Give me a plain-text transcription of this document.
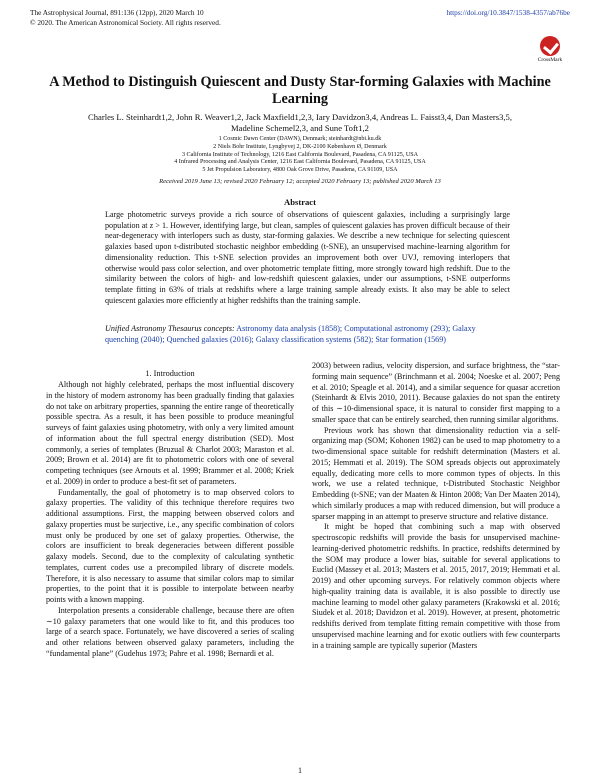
The Astrophysical Journal, 891:136 (12pp), 2020 March 10
© 2020. The American Astronomical Society. All rights reserved.
https://doi.org/10.3847/1538-4357/ab76be
CrossMark
A Method to Distinguish Quiescent and Dusty Star-forming Galaxies with Machine Learning
Charles L. Steinhardt1,2, John R. Weaver1,2, Jack Maxfield1,2,3, Iary Davidzon3,4, Andreas L. Faisst3,4, Dan Masters3,5,
Madeline Schemel2,3, and Sune Toft1,2
1 Cosmic Dawn Center (DAWN), Denmark; steinhardt@nbi.ku.dk
2 Niels Bohr Institute, Lyngbyvej 2, DK-2100 København Ø, Denmark
3 California Institute of Technology, 1216 East California Boulevard, Pasadena, CA 91125, USA
4 Infrared Processing and Analysis Center, 1216 East California Boulevard, Pasadena, CA 91125, USA
5 Jet Propulsion Laboratory, 4800 Oak Grove Drive, Pasadena, CA 91109, USA
Received 2019 June 13; revised 2020 February 12; accepted 2020 February 13; published 2020 March 13
Abstract
Large photometric surveys provide a rich source of observations of quiescent galaxies, including a surprisingly large population at z > 1. However, identifying large, but clean, samples of quiescent galaxies has proven difficult because of their near-degeneracy with interlopers such as dusty, star-forming galaxies. We describe a new technique for selecting quiescent galaxies based upon t-distributed stochastic neighbor embedding (t-SNE), an unsupervised machine-learning algorithm for dimensionality reduction. This t-SNE selection provides an improvement both over UVJ, removing interlopers that otherwise would pass color selection, and over photometric template fitting, more strongly toward high redshift. Due to the similarity between the colors of high- and low-redshift quiescent galaxies, under our assumptions, t-SNE outperforms template fitting in 63% of trials at redshifts where a large training sample already exists. It also may be able to select quiescent galaxies more efficiently at higher redshifts than the training sample.
Unified Astronomy Thesaurus concepts: Astronomy data analysis (1858); Computational astronomy (293); Galaxy quenching (2040); Quenched galaxies (2016); Galaxy classification systems (582); Star formation (1569)
1. Introduction

Although not highly celebrated, perhaps the most influential discovery in the history of modern astronomy has been gradually finding that galaxies do not take on arbitrary properties, spanning the entire range of theoretically possible spectra. As a result, it has been possible to produce meaningful surveys of faint galaxies using photometry, with only a very limited amount of information about the full spectral energy distribution (SED). Most commonly, a series of templates (Bruzual & Charlot 2003; Maraston et al. 2009; Brown et al. 2014) are fit to photometric colors with one of several competing techniques (see Arnouts et al. 1999; Brammer et al. 2008; Kriek et al. 2009) in order to produce a best-fit set of parameters.

Fundamentally, the goal of photometry is to map observed colors to galaxy properties. The validity of this technique therefore requires two additional assumptions. First, the mapping between observed colors and galaxy properties must be surjective, i.e., any specific combination of colors must only be produced by one set of galaxy properties. Otherwise, the colors are insufficient to break degeneracies between different possible galaxy models. Second, due to the complexity of calculating synthetic templates, current codes use a precompiled library of discrete models. Therefore, it is also necessary to assume that similar colors map to similar properties, to the point that it is possible to interpolate between nearby points with a known mapping.

Interpolation presents a considerable challenge, because there are often ∼10 galaxy parameters that one would like to fit, and this produces too large of a search space. Fortunately, we have discovered a series of scaling and other relations between observed galaxy parameters, including the “fundamental plane” (Gudehus 1973; Pahre et al. 1998; Bernardi et al.

2003) between radius, velocity dispersion, and surface brightness, the “star-forming main sequence” (Brinchmann et al. 2004; Noeske et al. 2007; Peng et al. 2010; Speagle et al. 2014), and a similar sequence for quasar accretion (Steinhardt & Elvis 2010, 2011). Because galaxies do not span the entirety of this ∼10-dimensional space, it is natural to consider first mapping to a smaller space that can be entirely searched, then running similar algorithms.

Previous work has shown that dimensionality reduction via a self-organizing map (SOM; Kohonen 1982) can be used to map photometry to a two-dimensional space suitable for redshift determination (Masters et al. 2015; Hemmati et al. 2019). The SOM spreads objects out approximately equally, dedicating more cells to more common types of objects. In this work, we use a related technique, t-Distributed Stochastic Neighbor Embedding (t-SNE; van der Maaten & Hinton 2008; Van Der Maaten 2014), which similarly produces a map with reduced dimension, but will produce a sparser mapping in an attempt to preserve structure and relative distance.

It might be hoped that combining such a map with observed spectroscopic redshifts will provide the basis for unsupervised machine-learning-derived photometric redshifts. In practice, redshifts determined by the SOM may produce a lower bias, suitable for several applications to Euclid (Massey et al. 2013; Masters et al. 2015, 2017, 2019; Hemmati et al. 2019) and other upcoming surveys. For relatively common objects where high-quality training data is available, it is also possible to directly use machine learning to model other galaxy parameters (Krakowski et al. 2016; Siudek et al. 2018; Davidzon et al. 2019). However, at present, photometric redshifts derived from template fitting remain competitive with those from unsupervised machine learning and for exotic outliers with few counterparts in a training sample are typically superior (Masters

1
